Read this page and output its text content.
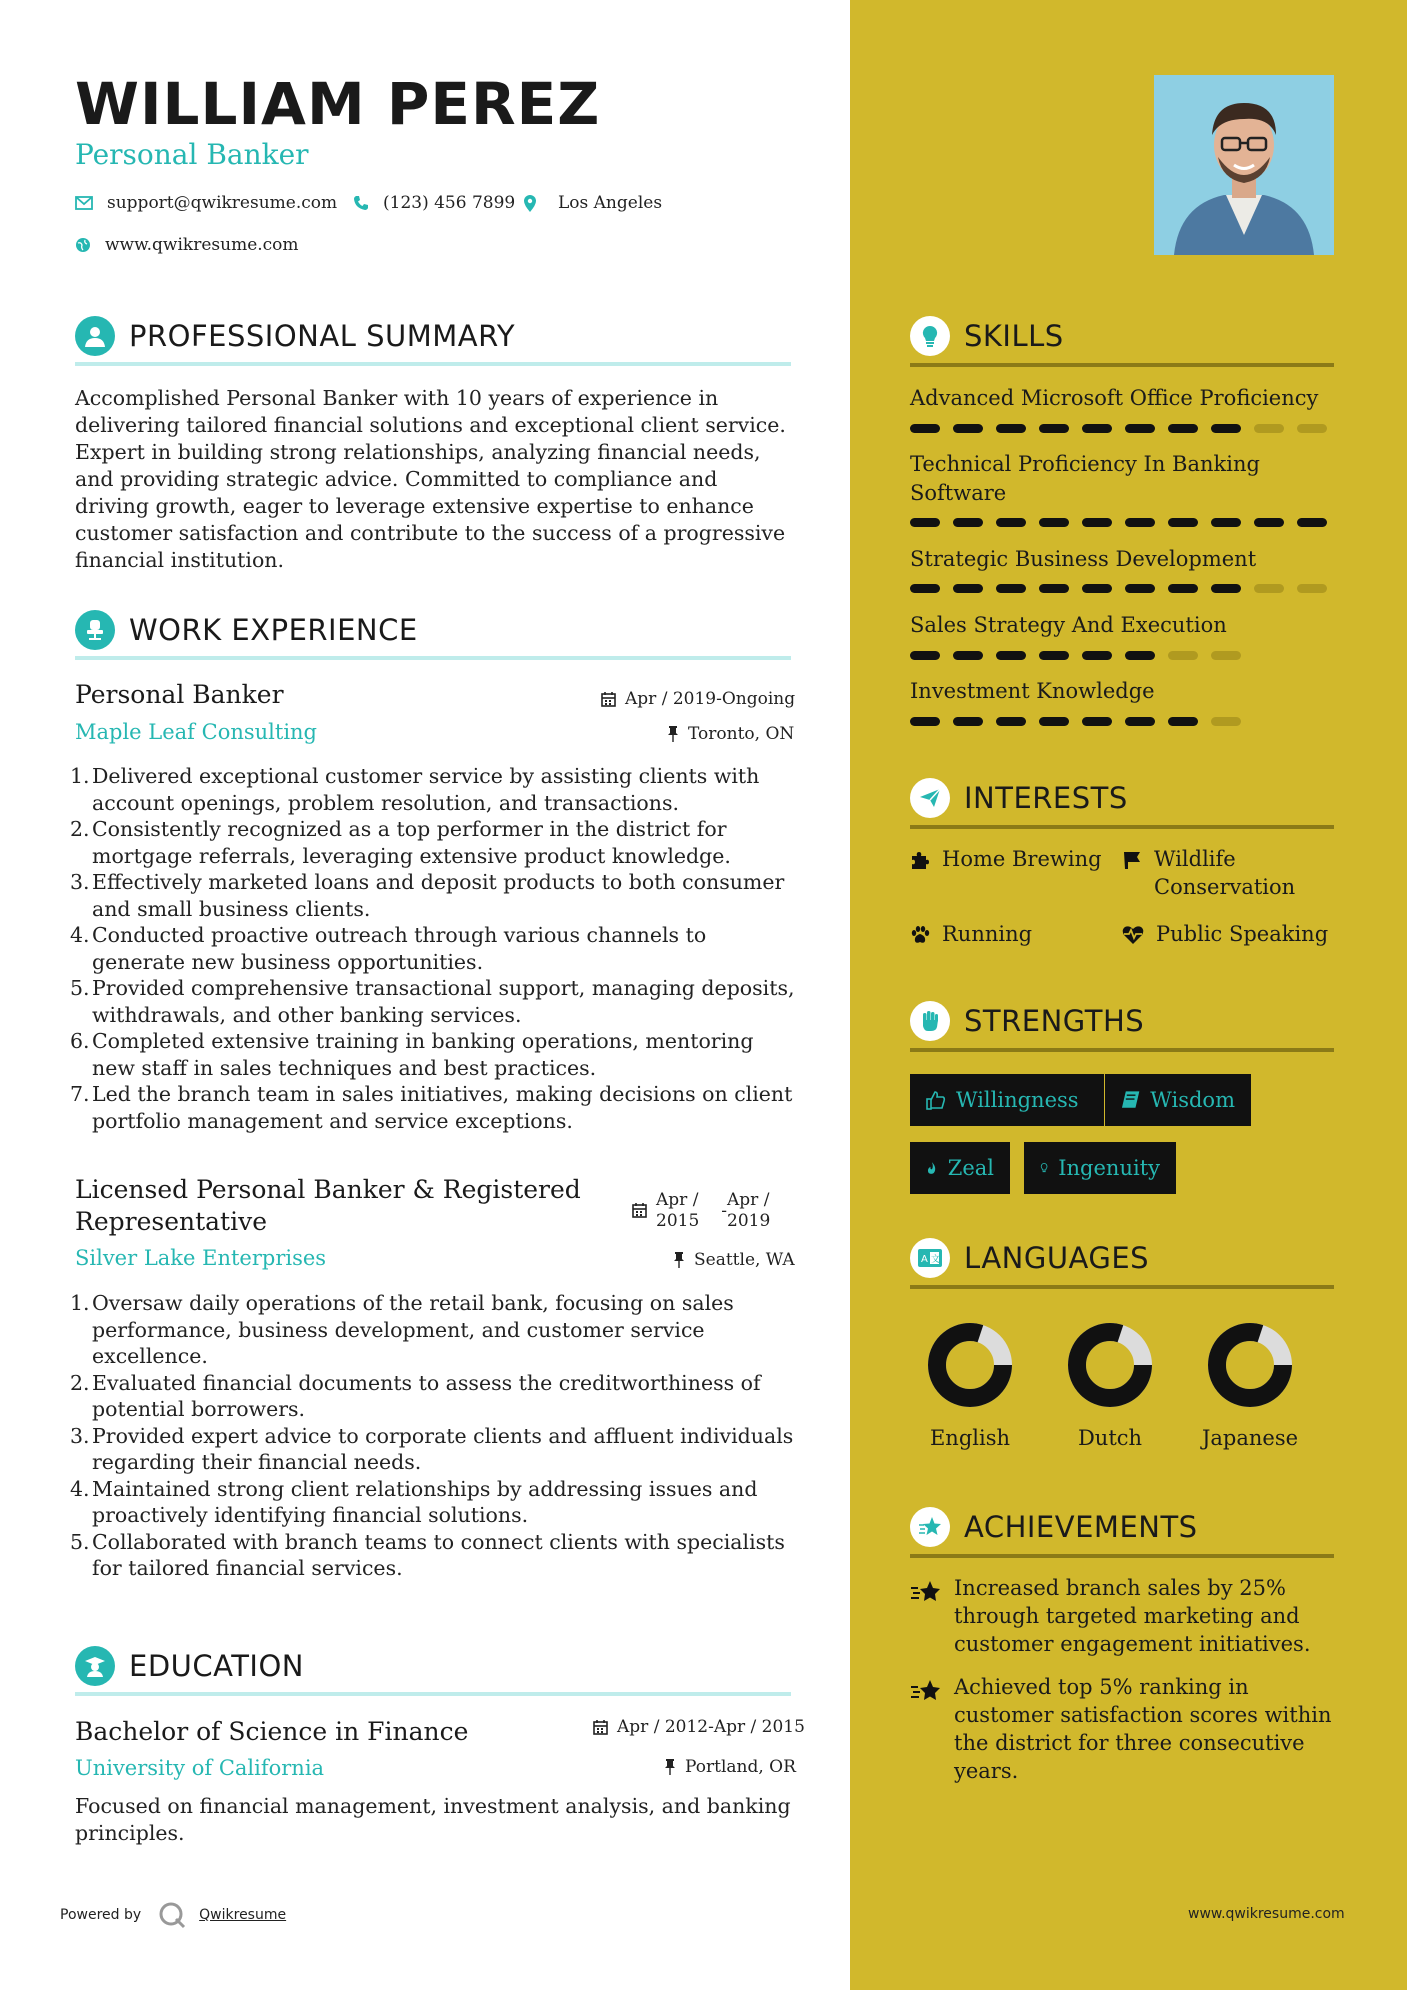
WILLIAM PEREZ
Personal Banker
support@qwikresume.com	(123) 456 7899	Los Angeles
www.qwikresume.com
PROFESSIONAL SUMMARY
Accomplished Personal Banker with 10 years of experience in delivering tailored financial solutions and exceptional client service. Expert in building strong relationships, analyzing financial needs, and providing strategic advice. Committed to compliance and driving growth, eager to leverage extensive expertise to enhance customer satisfaction and contribute to the success of a progressive financial institution.
WORK EXPERIENCE
Personal Banker	Apr / 2019-Ongoing
Maple Leaf Consulting	Toronto, ON
1. Delivered exceptional customer service by assisting clients with account openings, problem resolution, and transactions.
2. Consistently recognized as a top performer in the district for mortgage referrals, leveraging extensive product knowledge.
3. Effectively marketed loans and deposit products to both consumer and small business clients.
4. Conducted proactive outreach through various channels to generate new business opportunities.
5. Provided comprehensive transactional support, managing deposits, withdrawals, and other banking services.
6. Completed extensive training in banking operations, mentoring new staff in sales techniques and best practices.
7. Led the branch team in sales initiatives, making decisions on client portfolio management and service exceptions.
Licensed Personal Banker & Registered Representative
Apr /
2015 -
Apr /
2019
Silver Lake Enterprises	Seattle, WA
1. Oversaw daily operations of the retail bank, focusing on sales performance, business development, and customer service excellence.
2. Evaluated financial documents to assess the creditworthiness of potential borrowers.
3. Provided expert advice to corporate clients and affluent individuals regarding their financial needs.
4. Maintained strong client relationships by addressing issues and proactively identifying financial solutions.
5. Collaborated with branch teams to connect clients with specialists for tailored financial services.
EDUCATION
Bachelor of Science in Finance	Apr / 2012-Apr / 2015
University of California	Portland, OR
Focused on financial management, investment analysis, and banking principles.
SKILLS
Advanced Microsoft Office Proficiency
Technical Proficiency In Banking Software
Strategic Business Development
Sales Strategy And Execution
Investment Knowledge
INTERESTS
Home Brewing Wildlife Conservation
Running	Public Speaking
STRENGTHS
Willingness	Wisdom
Zeal	Ingenuity
A 文 LANGUAGES
English	Dutch	Japanese
ACHIEVEMENTS
Increased branch sales by 25% through targeted marketing and customer engagement initiatives.
Achieved top 5% ranking in customer satisfaction scores within the district for three consecutive years.
Powered by	Qwikresume	www.qwikresume.com
